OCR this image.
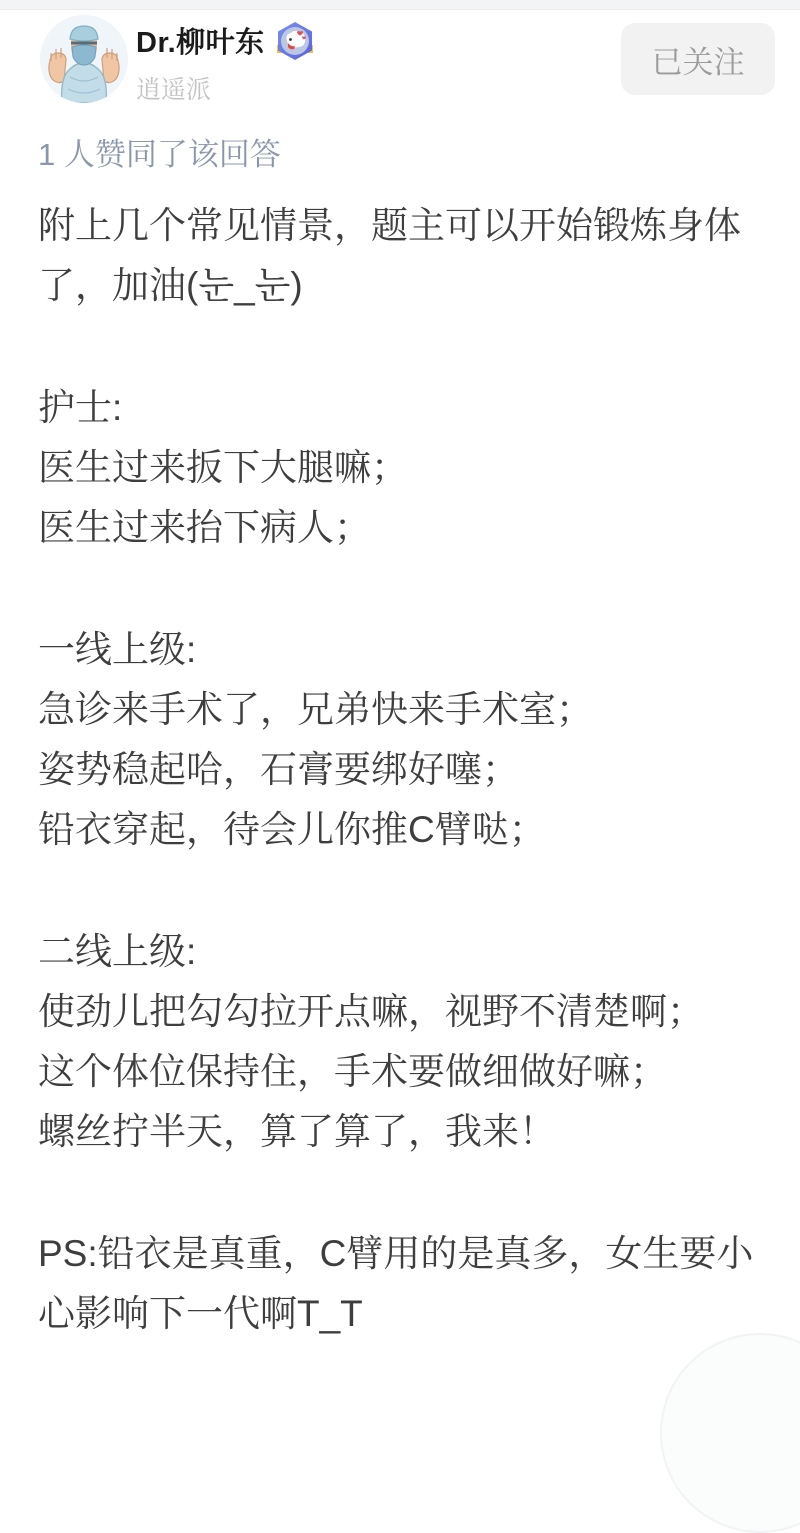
Dr.柳叶东
逍遥派
已关注
1 人赞同了该回答
附上几个常见情景，题主可以开始锻炼身体
了，加油(눈_눈)
护士:
医生过来扳下大腿嘛；
医生过来抬下病人；
一线上级:
急诊来手术了，兄弟快来手术室；
姿势稳起哈，石膏要绑好噻；
铅衣穿起，待会儿你推C臂哒；
二线上级:
使劲儿把勾勾拉开点嘛，视野不清楚啊；
这个体位保持住，手术要做细做好嘛；
螺丝拧半天，算了算了，我来！
PS:铅衣是真重，C臂用的是真多，女生要小
心影响下一代啊T_T
